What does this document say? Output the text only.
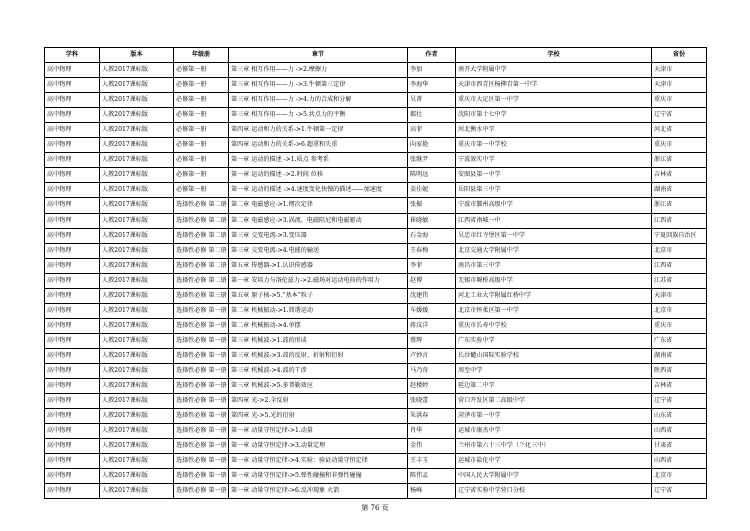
学科	版本	年级册	章节	作者	学校	省份
高中物理	人教2017课标版	必修第一册	第三章 相互作用——力 ->2.摩擦力	李加	南开大学附属中学	天津市
高中物理	人教2017课标版	必修第一册	第三章 相互作用——力 ->3.牛顿第三定律	李海华	天津市西青区杨柳青第一中学	天津市
高中物理	人教2017课标版	必修第一册	第三章 相互作用——力 ->4.力的合成和分解	吴菁	重庆市大足区第一中学	重庆市
高中物理	人教2017课标版	必修第一册	第三章 相互作用——力 ->5.共点力的平衡	郡壮	沈阳市第十七中学	辽宁省
高中物理	人教2017课标版	必修第一册	第四章 运动和力的关系->1.牛顿第一定律	高菲	河北衡水中学	河北省
高中物理	人教2017课标版	必修第一册	第四章 运动和力的关系->6.超重和失重	向家艳	重庆市第一中学校	重庆市
高中物理	人教2017课标版	必修第一册	第一章 运动的描述 ->1.质点 参考系	张继尹	宁波效实中学	浙江省
高中物理	人教2017课标版	必修第一册	第一章 运动的描述 ->2.时间 位移	陈明远	安图县第一中学	吉林省
高中物理	人教2017课标版	必修第一册	第一章 运动的描述 ->4.速度变化快慢的描述——加速度	姜佳妮	岳阳县第三中学	湖南省
高中物理	人教2017课标版	选择性必修 第二册	第二章 电磁感应->1.楞次定律	张振	宁波市鄞州高级中学	浙江省
高中物理	人教2017课标版	选择性必修 第二册	第二章 电磁感应->3.涡流、电磁阻尼和电磁驱动	崔晓敏	江西省南城一中	江西省
高中物理	人教2017课标版	选择性必修 第二册	第三章 交变电流->3.变压器	石金海	吴忠市红寺堡区第一中学	宁夏回族自治区
高中物理	人教2017课标版	选择性必修 第二册	第三章 交变电流->4.电能的输送	王春梅	北京交通大学附属中学	北京市
高中物理	人教2017课标版	选择性必修 第二册	第五章 传感器->1.认识传感器	李菲	南昌市第三中学	江西省
高中物理	人教2017课标版	选择性必修 第二册	第一章 安培力与洛伦兹力->2.磁场对运动电荷的作用力	赵博	无锡市堰桥高级中学	江苏省
高中物理	人教2017课标版	选择性必修 第三册	第五章 原子核->5.“基本”粒子	沈建伟	河北工业大学附属红桥中学	天津市
高中物理	人教2017课标版	选择性必修 第一册	第二章 机械振动->1.简谐运动	车媛媛	北京市怀柔区第一中学	北京市
高中物理	人教2017课标版	选择性必修 第一册	第二章 机械振动->4.单摆	蒋汶洋	重庆市长寿中学校	重庆市
高中物理	人教2017课标版	选择性必修 第一册	第三章 机械波->1.波的形成	蔡辉	广东实验中学	广东省
高中物理	人教2017课标版	选择性必修 第一册	第三章 机械波->3.波的反射、折射和衍射	卢妙言	长沙麓山国际实验学校	湖南省
高中物理	人教2017课标版	选择性必修 第一册	第三章 机械波->4.波的干涉	马乃奇	周至中学	陕西省
高中物理	人教2017课标版	选择性必修 第一册	第三章 机械波->5.多普勒效应	赵楼婷	延边第二中学	吉林省
高中物理	人教2017课标版	选择性必修 第一册	第四章 光->2.全反射	张晓蕾	营口开发区第二高级中学	辽宁省
高中物理	人教2017课标版	选择性必修 第一册	第四章 光->5.光的衍射	朱洪春	菏泽市第一中学	山东省
高中物理	人教2017课标版	选择性必修 第一册	第一章 动量守恒定律->1.动量	肖华	运城市康杰中学	山西省
高中物理	人教2017课标版	选择性必修 第一册	第一章 动量守恒定律->3.动量定理	金伟	兰州市第六十三中学（兰化三中）	甘肃省
高中物理	人教2017课标版	选择性必修 第一册	第一章 动量守恒定律->4.实验：验证动量守恒定律	王丰玉	运城市盐化中学	山西省
高中物理	人教2017课标版	选择性必修 第一册	第一章 动量守恒定律->5.弹性碰撞和非弹性碰撞	陈伟孟	中国人民大学附属中学	北京市
高中物理	人教2017课标版	选择性必修 第一册	第一章 动量守恒定律->6.反冲现象 火箭	杨峰	辽宁省实验中学营口分校	辽宁省
第 76 页
